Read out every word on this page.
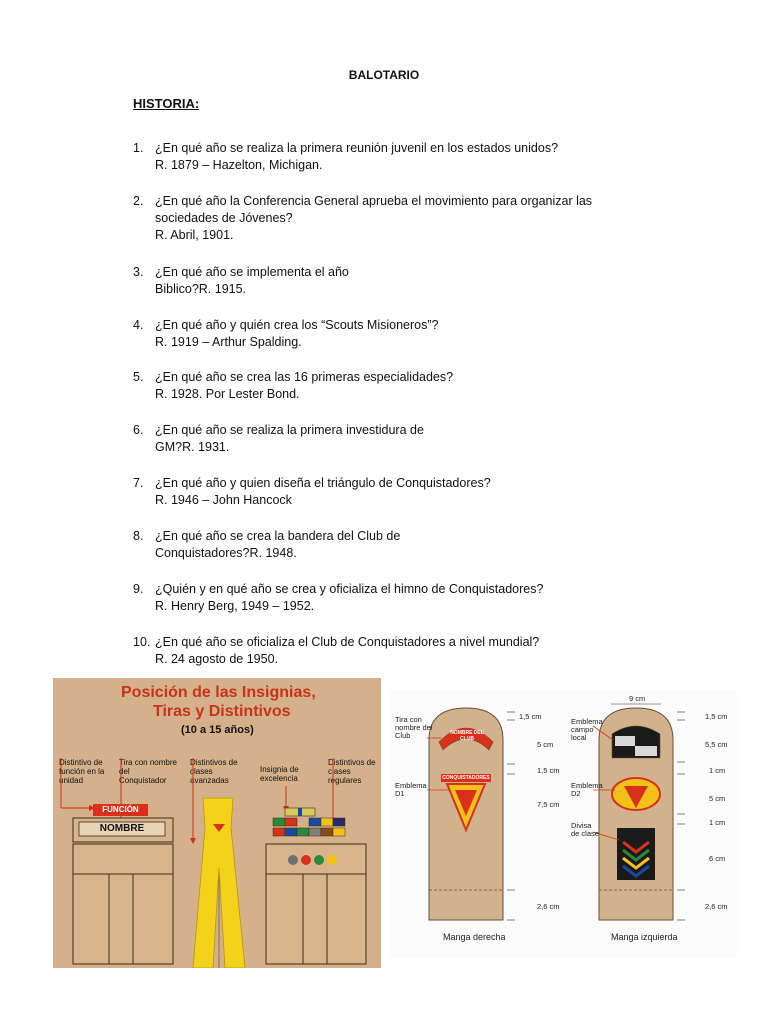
BALOTARIO
HISTORIA:
1. ¿En qué año se realiza la primera reunión juvenil en los estados unidos?
R. 1879 – Hazelton, Michigan.
2. ¿En qué año la Conferencia General aprueba el movimiento para organizar las sociedades de Jóvenes?
R. Abril, 1901.
3. ¿En qué año se implementa el año
Biblico?R. 1915.
4. ¿En qué año y quién crea los “Scouts Misioneros”?
R. 1919 – Arthur Spalding.
5. ¿En qué año se crea las 16 primeras especialidades?
R. 1928. Por Lester Bond.
6. ¿En qué año se realiza la primera investidura de
GM?R. 1931.
7. ¿En qué año y quien diseña el triángulo de Conquistadores?
R. 1946 – John Hancock
8. ¿En qué año se crea la bandera del Club de
Conquistadores?R. 1948.
9. ¿Quién y en qué año se crea y oficializa el himno de Conquistadores?
R. Henry Berg, 1949 – 1952.
10. ¿En qué año se oficializa el Club de Conquistadores a nivel mundial?
R. 24 agosto de 1950.
Posición de las Insignias,
Tiras y Distintivos
(10 a 15 años)
Distintivo de función en la unidad
Tira con nombre del Conquistador
Distintivos de clases avanzadas
Insignia de excelencia
Distintivos de clases regulares
FUNCIÓN
NOMBRE
Tira con nombre del Club
Emblema D1
Emblema campo local
Emblema D2
Divisa de clase
NOMBRE DEL CLUB
CONQUISTADORES
1,5 cm
5 cm
1,5 cm
7,5 cm
2,6 cm
9 cm
1,5 cm
5,5 cm
1 cm
5 cm
1 cm
6 cm
2,6 cm
Manga derecha	Manga izquierda
